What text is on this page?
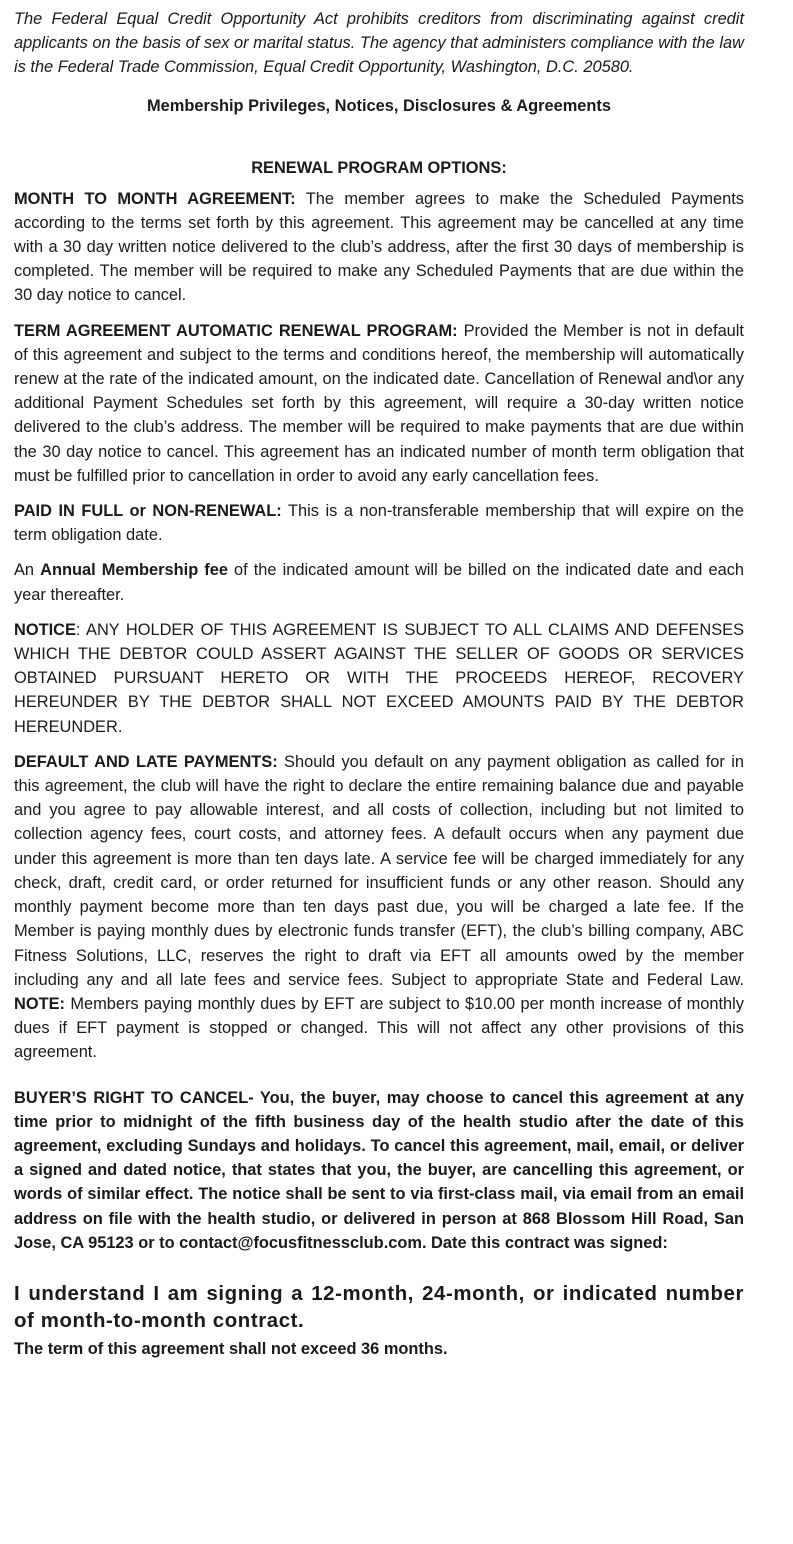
The Federal Equal Credit Opportunity Act prohibits creditors from discriminating against credit applicants on the basis of sex or marital status. The agency that administers compliance with the law is the Federal Trade Commission, Equal Credit Opportunity, Washington, D.C. 20580.

Membership Privileges, Notices, Disclosures & Agreements

RENEWAL PROGRAM OPTIONS:

MONTH TO MONTH AGREEMENT: The member agrees to make the Scheduled Payments according to the terms set forth by this agreement. This agreement may be cancelled at any time with a 30 day written notice delivered to the club’s address, after the first 30 days of membership is completed. The member will be required to make any Scheduled Payments that are due within the 30 day notice to cancel.

TERM AGREEMENT AUTOMATIC RENEWAL PROGRAM: Provided the Member is not in default of this agreement and subject to the terms and conditions hereof, the membership will automatically renew at the rate of the indicated amount, on the indicated date. Cancellation of Renewal and\or any additional Payment Schedules set forth by this agreement, will require a 30-day written notice delivered to the club’s address. The member will be required to make payments that are due within the 30 day notice to cancel. This agreement has an indicated number of month term obligation that must be fulfilled prior to cancellation in order to avoid any early cancellation fees.

PAID IN FULL or NON-RENEWAL: This is a non-transferable membership that will expire on the term obligation date.

An Annual Membership fee of the indicated amount will be billed on the indicated date and each year thereafter.

NOTICE: ANY HOLDER OF THIS AGREEMENT IS SUBJECT TO ALL CLAIMS AND DEFENSES WHICH THE DEBTOR COULD ASSERT AGAINST THE SELLER OF GOODS OR SERVICES OBTAINED PURSUANT HERETO OR WITH THE PROCEEDS HEREOF, RECOVERY HEREUNDER BY THE DEBTOR SHALL NOT EXCEED AMOUNTS PAID BY THE DEBTOR HEREUNDER.

DEFAULT AND LATE PAYMENTS: Should you default on any payment obligation as called for in this agreement, the club will have the right to declare the entire remaining balance due and payable and you agree to pay allowable interest, and all costs of collection, including but not limited to collection agency fees, court costs, and attorney fees. A default occurs when any payment due under this agreement is more than ten days late. A service fee will be charged immediately for any check, draft, credit card, or order returned for insufficient funds or any other reason. Should any monthly payment become more than ten days past due, you will be charged a late fee. If the Member is paying monthly dues by electronic funds transfer (EFT), the club’s billing company, ABC Fitness Solutions, LLC, reserves the right to draft via EFT all amounts owed by the member including any and all late fees and service fees. Subject to appropriate State and Federal Law. NOTE: Members paying monthly dues by EFT are subject to $10.00 per month increase of monthly dues if EFT payment is stopped or changed. This will not affect any other provisions of this agreement.

BUYER’S RIGHT TO CANCEL- You, the buyer, may choose to cancel this agreement at any time prior to midnight of the fifth business day of the health studio after the date of this agreement, excluding Sundays and holidays. To cancel this agreement, mail, email, or deliver a signed and dated notice, that states that you, the buyer, are cancelling this agreement, or words of similar effect. The notice shall be sent to via first-class mail, via email from an email address on file with the health studio, or delivered in person at 868 Blossom Hill Road, San Jose, CA 95123 or to contact@focusfitnessclub.com. Date this contract was signed:

I understand I am signing a 12-month, 24-month, or indicated number of month-to-month contract.

The term of this agreement shall not exceed 36 months.
